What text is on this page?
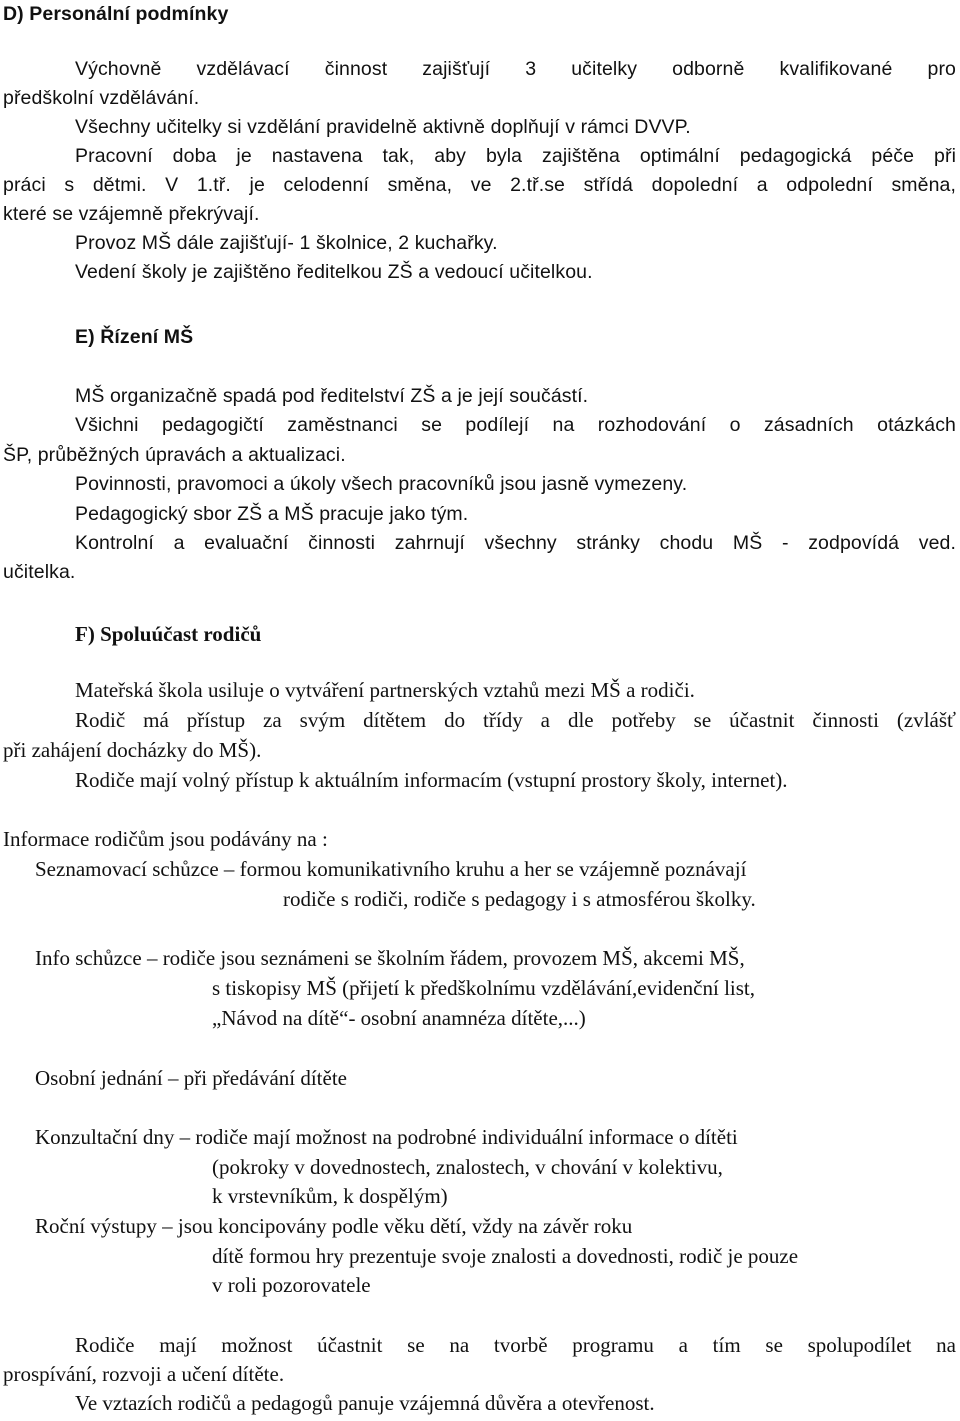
D) Personální podmínky
Výchovně vzdělávací činnost zajišťují 3 učitelky odborně kvalifikované pro
předškolní vzdělávání.
Všechny učitelky si vzdělání pravidelně aktivně doplňují v rámci DVVP.
Pracovní doba je nastavena tak, aby byla zajištěna optimální pedagogická péče při
práci s dětmi. V 1.tř. je celodenní směna, ve 2.tř.se střídá dopolední a odpolední směna,
které se vzájemně překrývají.
Provoz MŠ dále zajišťují- 1 školnice, 2 kuchařky.
Vedení školy je zajištěno ředitelkou ZŠ a vedoucí učitelkou.
E) Řízení MŠ
MŠ organizačně spadá pod ředitelství ZŠ a je její součástí.
Všichni pedagogičtí zaměstnanci se podílejí na rozhodování o zásadních otázkách
ŠP, průběžných úpravách a aktualizaci.
Povinnosti, pravomoci a úkoly všech pracovníků jsou jasně vymezeny.
Pedagogický sbor ZŠ a MŠ pracuje jako tým.
Kontrolní a evaluační činnosti zahrnují všechny stránky chodu MŠ - zodpovídá ved.
učitelka.
F) Spoluúčast rodičů
Mateřská škola usiluje o vytváření partnerských vztahů mezi MŠ a rodiči.
Rodič má přístup za svým dítětem do třídy a dle potřeby se účastnit činnosti (zvlášť
při zahájení docházky do MŠ).
Rodiče mají volný přístup k aktuálním informacím (vstupní prostory školy, internet).
Informace rodičům jsou podávány na :
Seznamovací schůzce – formou komunikativního kruhu a her se vzájemně poznávají
rodiče s rodiči, rodiče s pedagogy i s atmosférou školky.
Info schůzce – rodiče jsou seznámeni se školním řádem, provozem MŠ, akcemi MŠ,
s tiskopisy MŠ (přijetí k předškolnímu vzdělávání,evidenční list,
„Návod na dítě“- osobní anamnéza dítěte,...)
Osobní jednání – při předávání dítěte
Konzultační dny – rodiče mají možnost na podrobné individuální informace o dítěti
(pokroky v dovednostech, znalostech, v chování v kolektivu,
k vrstevníkům, k dospělým)
Roční výstupy – jsou koncipovány podle věku dětí, vždy na závěr roku
dítě formou hry prezentuje svoje znalosti a dovednosti, rodič je pouze
v roli pozorovatele
Rodiče mají možnost účastnit se na tvorbě programu a tím se spolupodílet na
prospívání, rozvoji a učení dítěte.
Ve vztazích rodičů a pedagogů panuje vzájemná důvěra a otevřenost.
